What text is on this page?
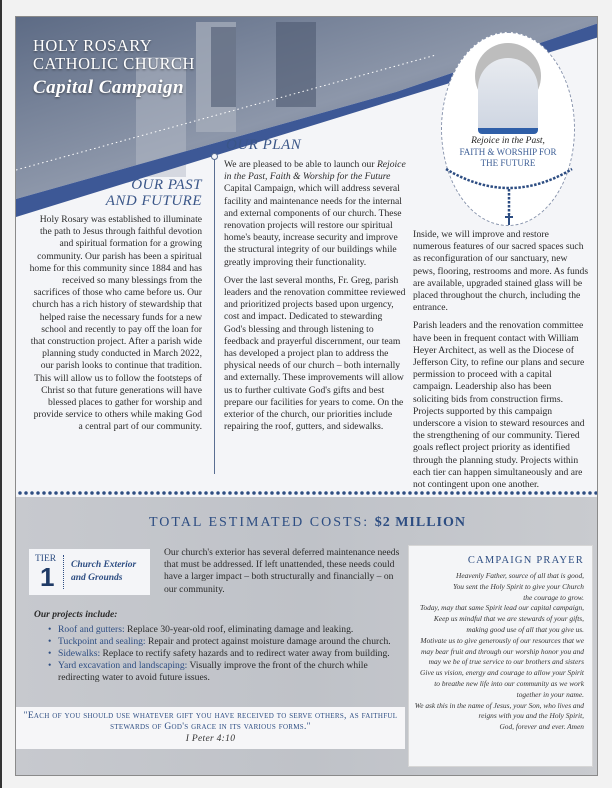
HOLY ROSARY
CATHOLIC CHURCH
Capital Campaign
Rejoice in the Past,
FAITH & WORSHIP FOR
THE FUTURE
OUR PAST
AND FUTURE
Holy Rosary was established to illuminate the path to Jesus through faithful devotion and spiritual formation for a growing community. Our parish has been a spiritual home for this community since 1884 and has received so many blessings from the sacrifices of those who came before us. Our church has a rich history of stewardship that helped raise the necessary funds for a new school and recently to pay off the loan for that construction project. After a parish wide planning study conducted in March 2022, our parish looks to continue that tradition. This will allow us to follow the footsteps of Christ so that future generations will have blessed places to gather for worship and provide service to others while making God a central part of our community.
OUR PLAN

We are pleased to be able to launch our Rejoice in the Past, Faith & Worship for the Future Capital Campaign, which will address several facility and maintenance needs for the internal and external components of our church. These renovation projects will restore our spiritual home's beauty, increase security and improve the structural integrity of our buildings while greatly improving their functionality.

Over the last several months, Fr. Greg, parish leaders and the renovation committee reviewed and prioritized projects based upon urgency, cost and impact. Dedicated to stewarding God's blessing and through listening to feedback and prayerful discernment, our team has developed a project plan to address the physical needs of our church – both internally and externally. These improvements will allow us to further cultivate God's gifts and best prepare our facilities for years to come. On the exterior of the church, our priorities include repairing the roof, gutters, and sidewalks.

Inside, we will improve and restore numerous features of our sacred spaces such as reconfiguration of our sanctuary, new pews, flooring, restrooms and more. As funds are available, upgraded stained glass will be placed throughout the church, including the entrance.

Parish leaders and the renovation committee have been in frequent contact with William Heyer Architect, as well as the Diocese of Jefferson City, to refine our plans and secure permission to proceed with a capital campaign. Leadership also has been soliciting bids from construction firms. Projects supported by this campaign underscore a vision to steward resources and the strengthening of our community. Tiered goals reflect project priority as identified through the planning study. Projects within each tier can happen simultaneously and are not contingent upon one another.

TOTAL ESTIMATED COSTS: $2 MILLION
TIER
1 Church Exterior
and Grounds
Our church's exterior has several deferred maintenance needs that must be addressed. If left unattended, these needs could have a larger impact – both structurally and financially – on our community.
Our projects include:
• Roof and gutters: Replace 30-year-old roof, eliminating damage and leaking.
• Tuckpoint and sealing: Repair and protect against moisture damage around the church.
• Sidewalks: Replace to rectify safety hazards and to redirect water away from building.
• Yard excavation and landscaping: Visually improve the front of the church while redirecting water to avoid future issues.
"Each of you should use whatever gift you have received to serve others, as faithful stewards of God's grace in its various forms."
I Peter 4:10
CAMPAIGN PRAYER
Heavenly Father, source of all that is good,
You sent the Holy Spirit to give your Church
the courage to grow.
Today, may that same Spirit lead our capital campaign,
Keep us mindful that we are stewards of your gifts,
making good use of all that you give us.
Motivate us to give generously of our resources that we
may bear fruit and through our worship honor you and
may we be of true service to our brothers and sisters
Give us vision, energy and courage to allow your Spirit
to breathe new life into our community as we work
together in your name.
We ask this in the name of Jesus, your Son, who lives and
reigns with you and the Holy Spirit,
God, forever and ever. Amen
